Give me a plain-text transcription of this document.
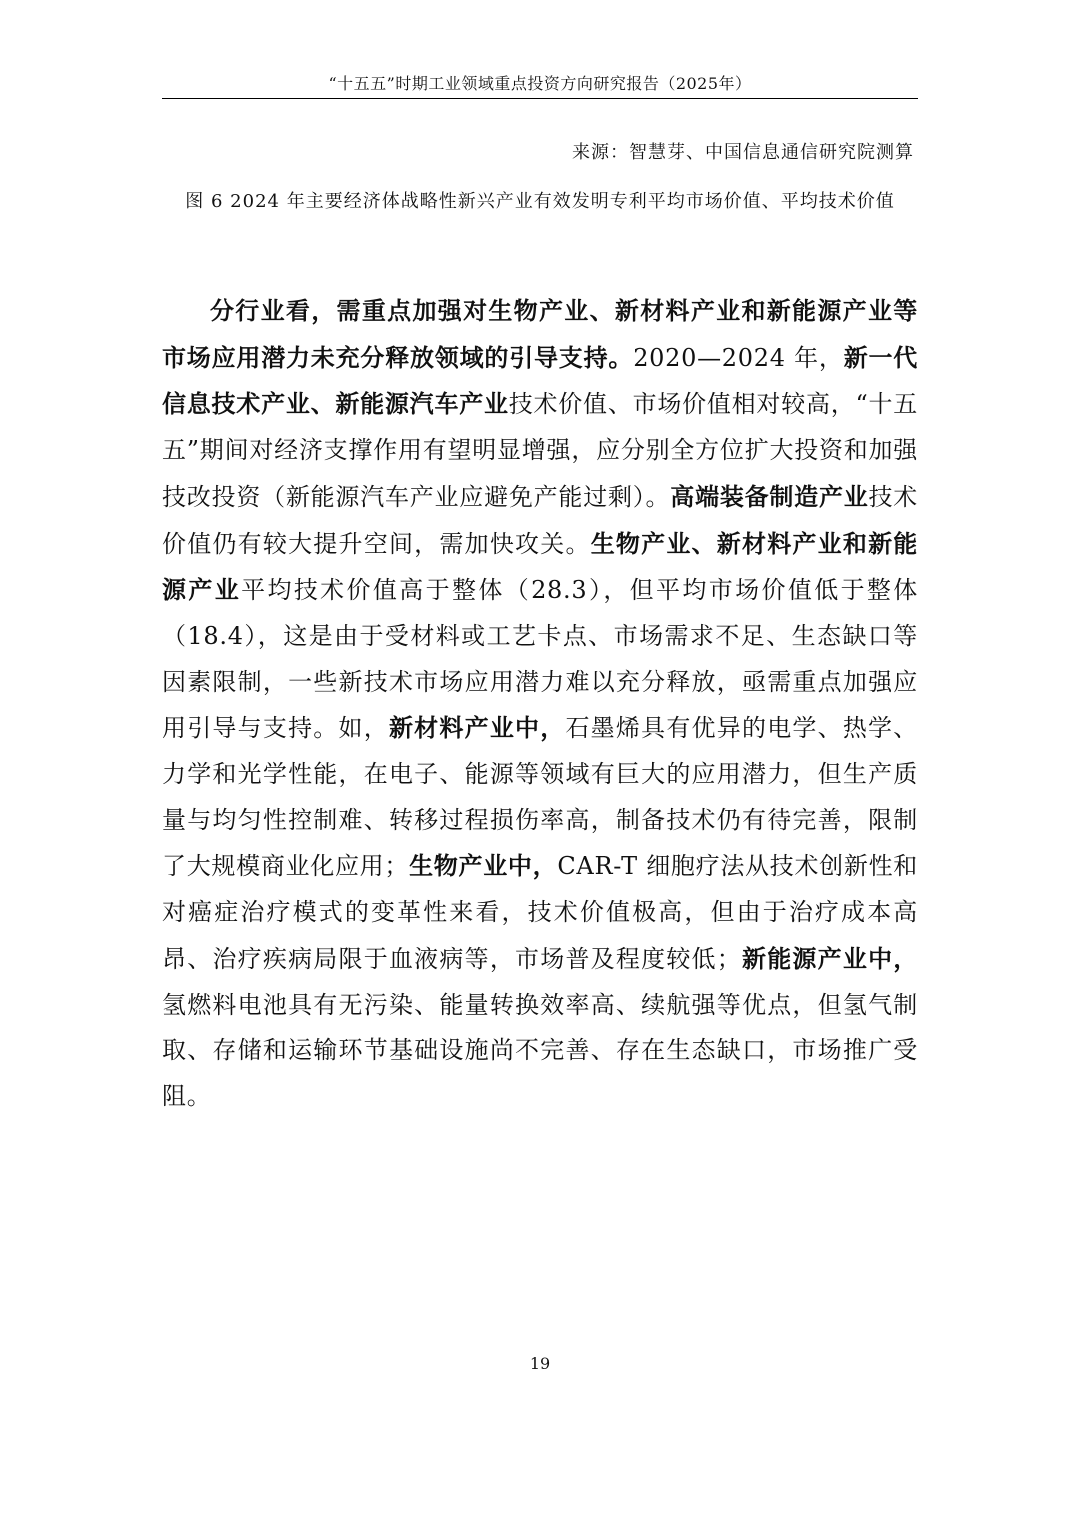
“十五五”时期工业领域重点投资方向研究报告（2025年）
来源：智慧芽、中国信息通信研究院测算
图 6 2024 年主要经济体战略性新兴产业有效发明专利平均市场价值、平均技术价值

分行业看，需重点加强对生物产业、新材料产业和新能源产业等市场应用潜力未充分释放领域的引导支持。2020—2024 年，新一代信息技术产业、新能源汽车产业技术价值、市场价值相对较高，“十五五”期间对经济支撑作用有望明显增强，应分别全方位扩大投资和加强技改投资（新能源汽车产业应避免产能过剩）。高端装备制造产业技术价值仍有较大提升空间，需加快攻关。生物产业、新材料产业和新能源产业平均技术价值高于整体（28.3），但平均市场价值低于整体（18.4），这是由于受材料或工艺卡点、市场需求不足、生态缺口等因素限制，一些新技术市场应用潜力难以充分释放，亟需重点加强应用引导与支持。如，新材料产业中，石墨烯具有优异的电学、热学、力学和光学性能，在电子、能源等领域有巨大的应用潜力，但生产质量与均匀性控制难、转移过程损伤率高，制备技术仍有待完善，限制了大规模商业化应用；生物产业中，CAR-T 细胞疗法从技术创新性和对癌症治疗模式的变革性来看，技术价值极高，但由于治疗成本高昂、治疗疾病局限于血液病等，市场普及程度较低；新能源产业中，氢燃料电池具有无污染、能量转换效率高、续航强等优点，但氢气制取、存储和运输环节基础设施尚不完善、存在生态缺口，市场推广受阻。

19
